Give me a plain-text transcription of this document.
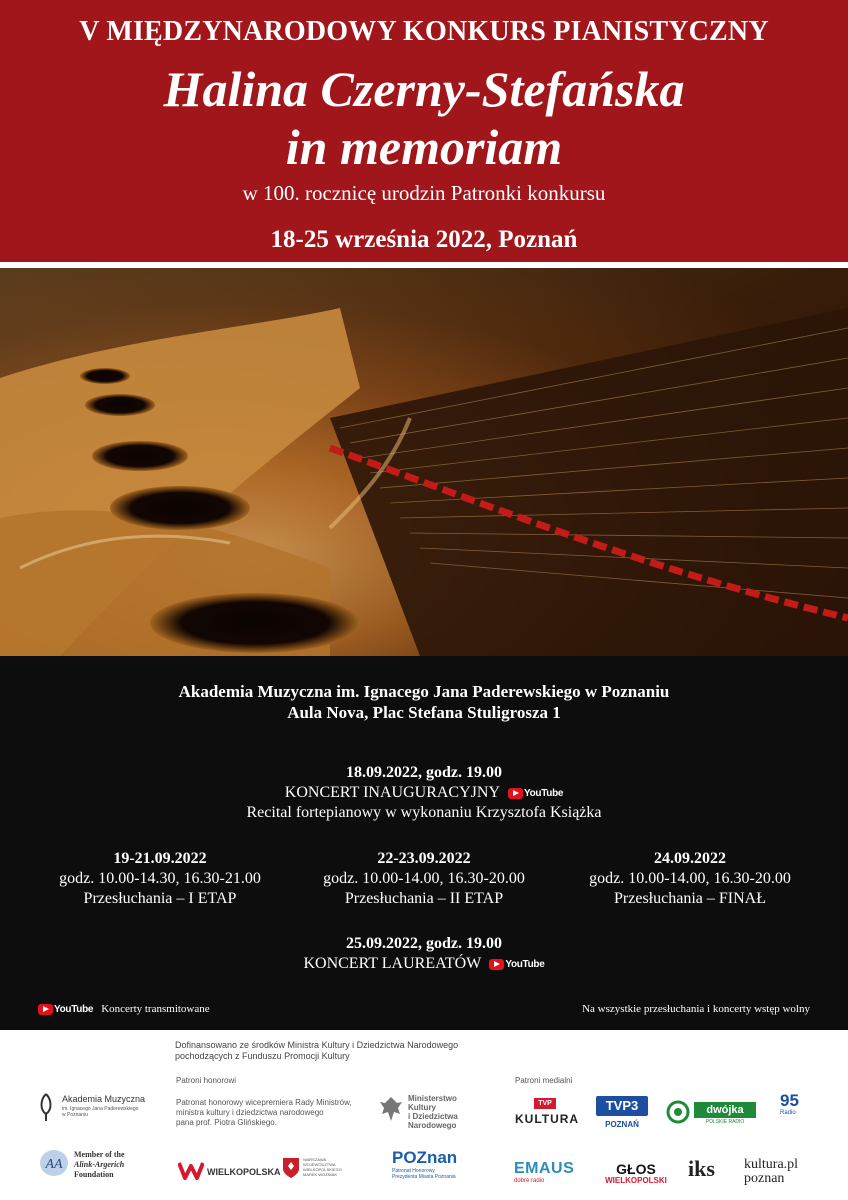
V MIĘDZYNARODOWY KONKURS PIANISTYCZNY
Halina Czerny-Stefańska
in memoriam
w 100. rocznicę urodzin Patronki konkursu
18-25 września 2022, Poznań
Akademia Muzyczna im. Ignacego Jana Paderewskiego w Poznaniu
Aula Nova, Plac Stefana Stuligrosza 1
18.09.2022, godz. 19.00
KONCERT INAUGURACYJNY YouTube
Recital fortepianowy w wykonaniu Krzysztofa Książka
19-21.09.2022
godz. 10.00-14.30, 16.30-21.00
Przesłuchania – I ETAP
22-23.09.2022
godz. 10.00-14.00, 16.30-20.00
Przesłuchania – II ETAP
24.09.2022
godz. 10.00-14.00, 16.30-20.00
Przesłuchania – FINAŁ
25.09.2022, godz. 19.00
KONCERT LAUREATÓW YouTube
YouTube Koncerty transmitowane	Na wszystkie przesłuchania i koncerty wstęp wolny
Dofinansowano ze środków Ministra Kultury i Dziedzictwa Narodowego
pochodzących z Funduszu Promocji Kultury
Patroni honorowi	Patroni medialni
Akademia Muzyczna
im. Ignacego Jana Paderewskiego
w Poznaniu
Patronat honorowy wicepremiera Rady Ministrów,
ministra kultury i dziedzictwa narodowego
pana prof. Piotra Glińskiego.
Ministerstwo
Kultury
i Dziedzictwa
Narodowego
TVP
KULTURA
TVP3
POZNAŃ
dwójka
POLSKIE RADIO
95
Radio
AA
Member of the
Alink-Argerich
Foundation	WIELKOPOLSKA
WARSZAWA
WOJEWÓDZTWA
WIELKOPOLSKIEGO
MAREK WOŹNIAK
POZnan
Patronat Honorowy
Prezydenta Miasta Poznania	EMAUS
dobre radio
GŁOS
WIELKOPOLSKI iks kultura.pl
poznan
